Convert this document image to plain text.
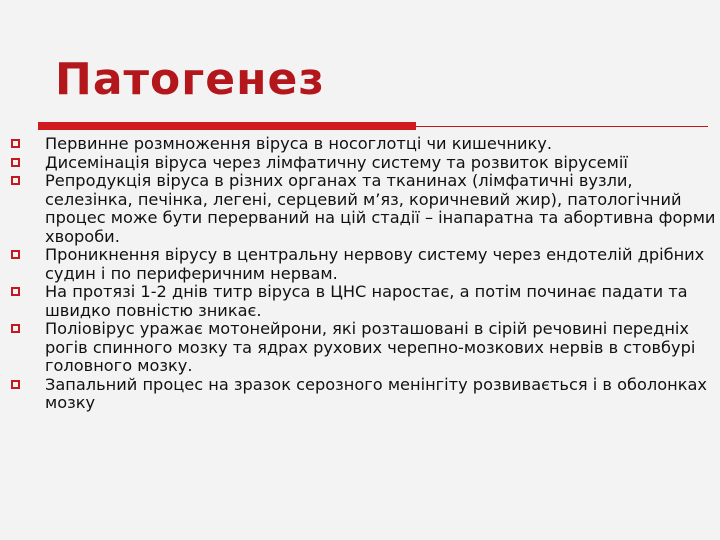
Патогенез
Первинне розмноження віруса в носоглотці чи кишечнику.
Дисемінація віруса через лімфатичну систему та розвиток вірусемії
Репродукція віруса в різних органах та тканинах (лімфатичні вузли, селезінка, печінка, легені, серцевий м’яз, коричневий жир), патологічний процес може бути перерваний на цій стадії – інапаратна та абортивна форми хвороби.
Проникнення вірусу в центральну нервову систему через ендотелій дрібних судин і по периферичним нервам.
На протязі 1-2 днів титр віруса в ЦНС наростає, а потім починає падати та швидко повністю зникає.
Поліовірус уражає мотонейрони, які розташовані в сірій речовині передніх рогів спинного мозку та ядрах рухових черепно-мозкових нервів в стовбурі головного мозку.
Запальний процес на зразок серозного менінгіту розвивається і в оболонках мозку
